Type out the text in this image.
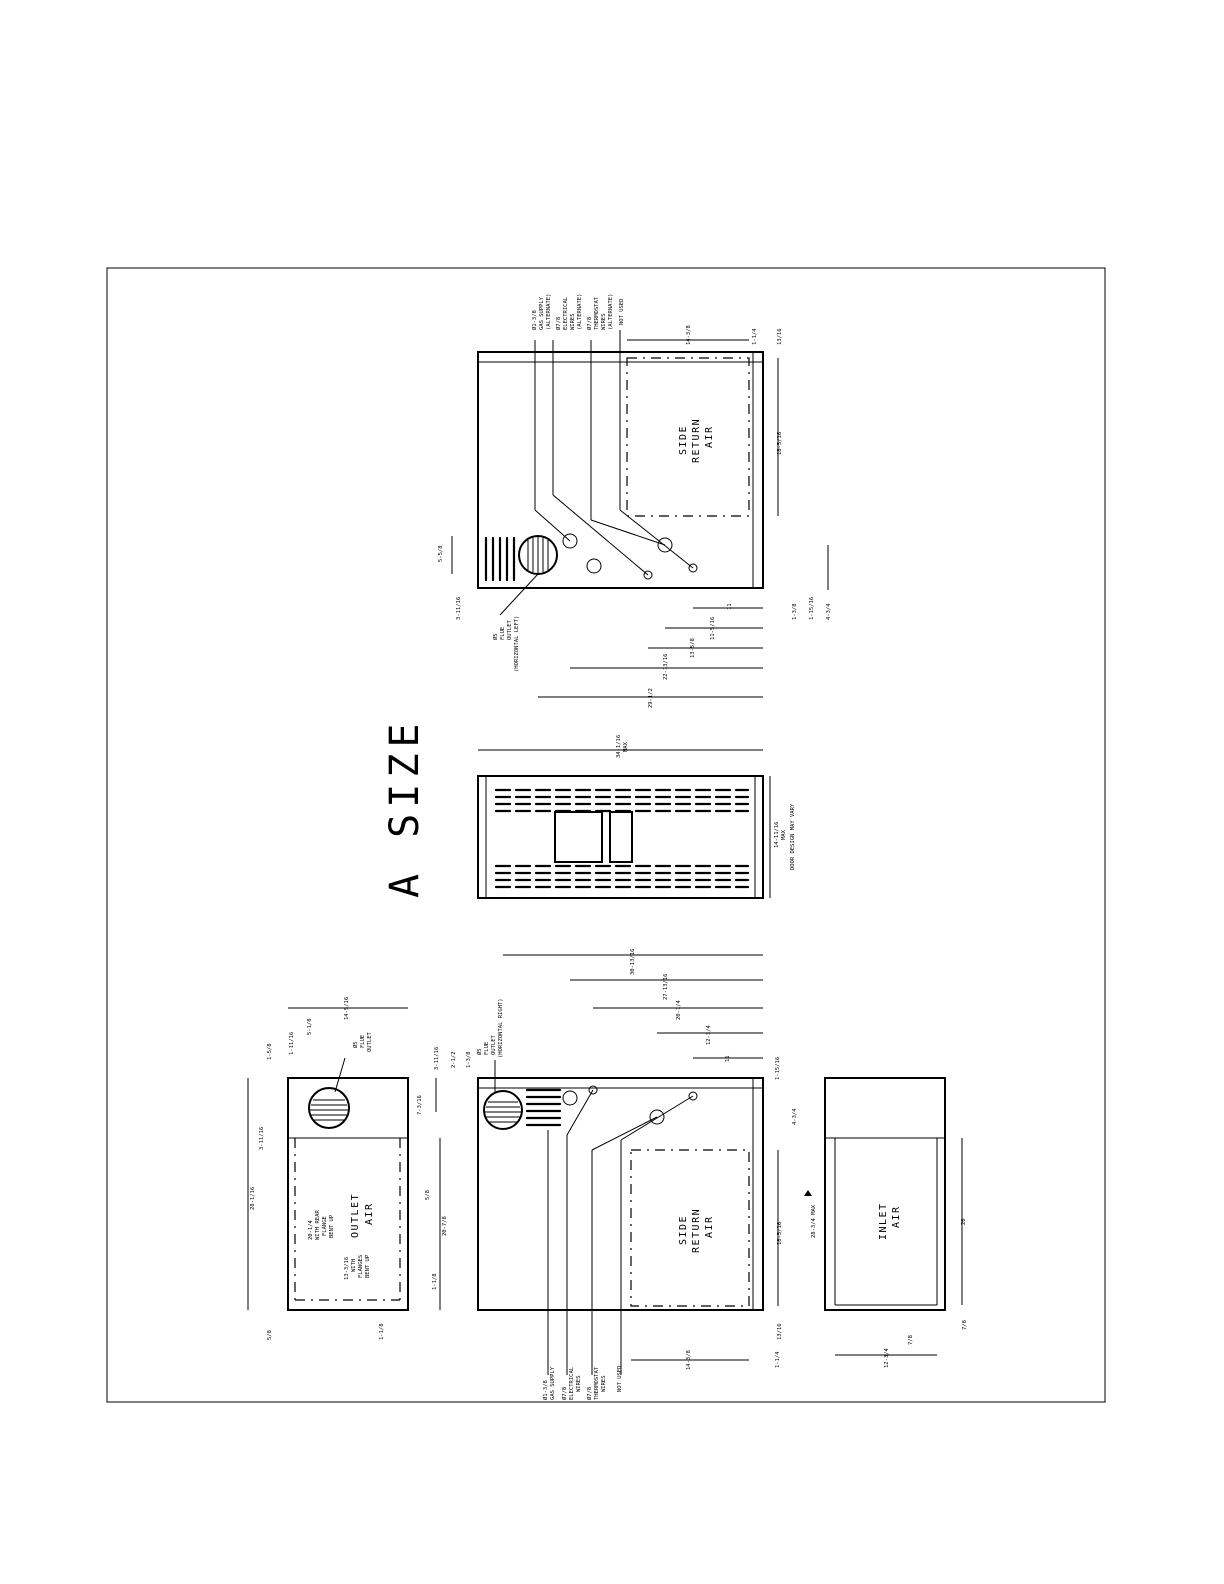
A SIZE
SIDE RETURN AIR
Ø1-3/8 GAS SUPPLY (ALTERNATE) Ø7/8 ELECTRICAL WIRES (ALTERNATE) Ø7/8 THERMOSTAT WIRES (ALTERNATE) NOT USED
Ø5 FLUE OUTLET (HORIZONTAL LEFT)
14-3/8	1-1/4	13/16
18-5/16
5-5/8
3-11/16
29-1/2
22-13/16
13-5/8
11-5/16
11	1-3/8 1-15/16 4-3/4
34-1/16 MAX
14-11/16 MAX DOOR DESIGN MAY VARY
OUTLET AIR
20-1/4 WITH REAR FLANGE BENT UP
13-3/16 WITH FLANGES BENT UP
14-5/16
5-1/8
1-11/16
1-5/8	Ø5 FLUE OUTLET
7-3/16
28-1/16
3-11/16
5/8
20-7/8
5/8
1-1/8
1-1/8
SIDE RETURN AIR
Ø1-3/8 GAS SUPPLY Ø7/8 ELECTRICAL WIRES
Ø7/8 THERMOSTAT WIRES NOT USED
Ø5 FLUE OUTLET (HORIZONTAL RIGHT)
3-11/16 2-1/2 1-3/8
30-13/16
27-13/16
20-1/4
12-3/4
11	1-15/16
4-3/4
18-5/16
1-1/4
13/16
14-3/8
INLET AIR
28-3/4 MAX	20
12-3/4
7/8
7/8
